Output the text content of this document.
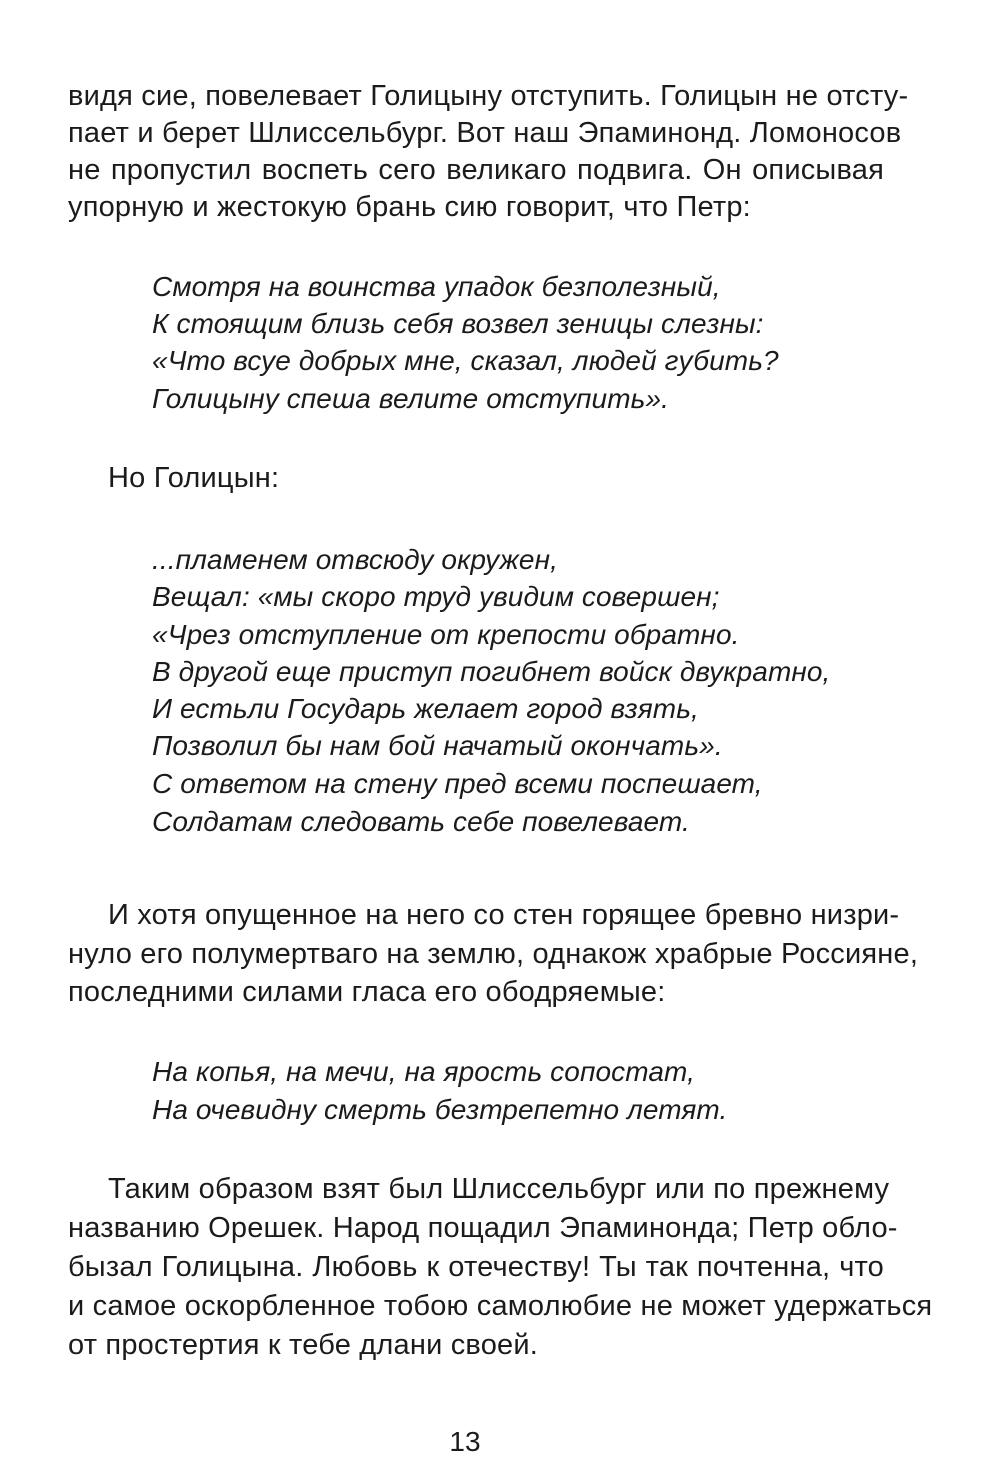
видя сие, повелевает Голицыну отступить. Голицын не отсту-
пает и берет Шлиссельбург. Вот наш Эпаминонд. Ломоносов
не пропустил воспеть сего великаго подвига. Он описывая
упорную и жестокую брань сию говорит, что Петр:
Смотря на воинства упадок безполезный,
К стоящим близь себя возвел зеницы слезны:
«Что всуе добрых мне, сказал, людей губить?
Голицыну спеша велите отступить».
Но Голицын:
...пламенем отвсюду окружен,
Вещал: «мы скоро труд увидим совершен;
«Чрез отступление от крепости обратно.
В другой еще приступ погибнет войск двукратно,
И естьли Государь желает город взять,
Позволил бы нам бой начатый окончать».
С ответом на стену пред всеми поспешает,
Солдатам следовать себе повелевает.
И хотя опущенное на него со стен горящее бревно низри-
нуло его полумертваго на землю, однакож храбрые Россияне,
последними силами гласа его ободряемые:
На копья, на мечи, на ярость сопостат,
На очевидну смерть безтрепетно летят.
Таким образом взят был Шлиссельбург или по прежнему
названию Орешек. Народ пощадил Эпаминонда; Петр обло-
бызал Голицына. Любовь к отечеству! Ты так почтенна, что
и самое оскорбленное тобою самолюбие не может удержаться
от простертия к тебе длани своей.
13
